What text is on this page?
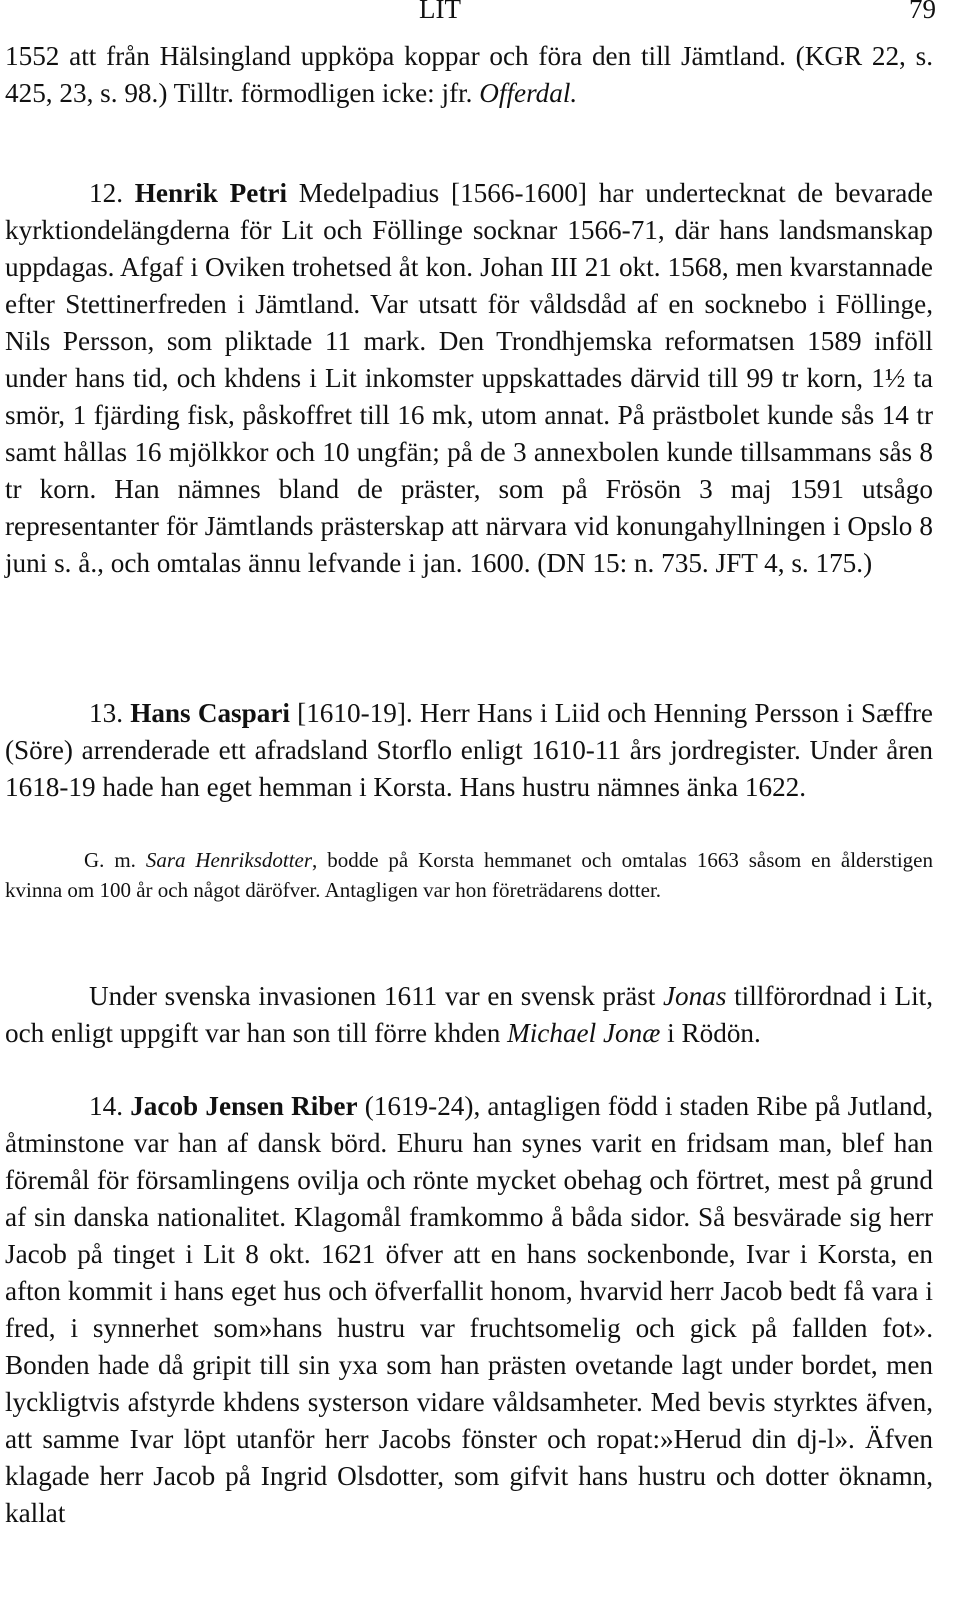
LIT	79

1552 att från Hälsingland uppköpa koppar och föra den till Jämtland. (KGR 22, s. 425, 23, s. 98.) Tilltr. förmodligen icke: jfr. Offerdal.

12. Henrik Petri Medelpadius [1566-1600] har undertecknat de bevarade kyrktiondelängderna för Lit och Föllinge socknar 1566-71, där hans landsmanskap uppdagas. Afgaf i Oviken trohetsed åt kon. Johan III 21 okt. 1568, men kvarstannade efter Stettinerfreden i Jämtland. Var utsatt för våldsdåd af en socknebo i Föllinge, Nils Persson, som pliktade 11 mark. Den Trondhjemska reformatsen 1589 inföll under hans tid, och khdens i Lit inkomster uppskattades därvid till 99 tr korn, 1½ ta smör, 1 fjärding fisk, påskoffret till 16 mk, utom annat. På prästbolet kunde sås 14 tr samt hållas 16 mjölkkor och 10 ungfän; på de 3 annexbolen kunde tillsammans sås 8 tr korn. Han nämnes bland de präster, som på Frösön 3 maj 1591 utsågo representanter för Jämtlands prästerskap att närvara vid konungahyllningen i Opslo 8 juni s. å., och omtalas ännu lefvande i jan. 1600. (DN 15: n. 735. JFT 4, s. 175.)

13. Hans Caspari [1610-19]. Herr Hans i Liid och Henning Persson i Sæffre (Söre) arrenderade ett afradsland Storflo enligt 1610-11 års jordregister. Under åren 1618-19 hade han eget hemman i Korsta. Hans hustru nämnes änka 1622.

G. m. Sara Henriksdotter, bodde på Korsta hemmanet och omtalas 1663 såsom en ålderstigen kvinna om 100 år och något däröfver. Antagligen var hon företrädarens dotter.

Under svenska invasionen 1611 var en svensk präst Jonas tillförordnad i Lit, och enligt uppgift var han son till förre khden Michael Jonæ i Rödön.

14. Jacob Jensen Riber (1619-24), antagligen född i staden Ribe på Jutland, åtminstone var han af dansk börd. Ehuru han synes varit en fridsam man, blef han föremål för församlingens ovilja och rönte mycket obehag och förtret, mest på grund af sin danska nationalitet. Klagomål framkommo å båda sidor. Så besvärade sig herr Jacob på tinget i Lit 8 okt. 1621 öfver att en hans sockenbonde, Ivar i Korsta, en afton kommit i hans eget hus och öfverfallit honom, hvarvid herr Jacob bedt få vara i fred, i synnerhet som»hans hustru var fruchtsomelig och gick på fallden fot». Bonden hade då gripit till sin yxa som han prästen ovetande lagt under bordet, men lyckligtvis afstyrde khdens systerson vidare våldsamheter. Med bevis styrktes äfven, att samme Ivar löpt utanför herr Jacobs fönster och ropat:»Herud din dj-l». Äfven klagade herr Jacob på Ingrid Olsdotter, som gifvit hans hustru och dotter öknamn, kallat
